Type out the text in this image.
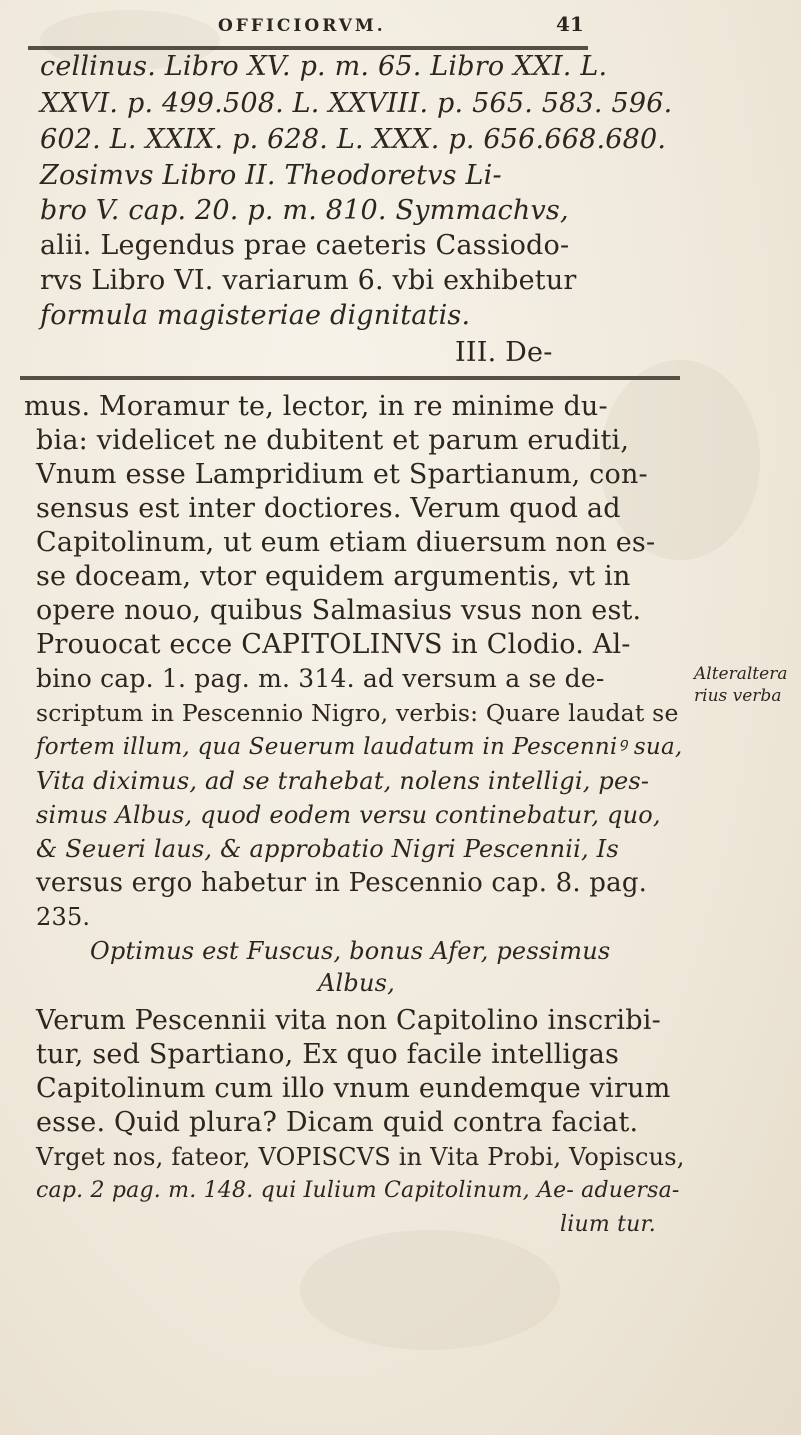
OFFICIORVM.	41
cellinus. Libro XV. p. m. 65. Libro XXI. L.
XXVI. p. 499.508. L. XXVIII. p. 565. 583. 596.
602. L. XXIX. p. 628. L. XXX. p. 656.668.680.
Zosimvs Libro II. Theodoretvs Li-
bro V. cap. 20. p. m. 810. Symmachvs,
alii. Legendus prae caeteris Cassiodo-
rvs Libro VI. variarum 6. vbi exhibetur
formula magisteriae dignitatis.
III. De-
mus. Moramur te, lector, in re minime du-
bia: videlicet ne dubitent et parum eruditi,
Vnum esse Lampridium et Spartianum, con-
sensus est inter doctiores. Verum quod ad
Capitolinum, ut eum etiam diuersum non es-
se doceam, vtor equidem argumentis, vt in
opere nouo, quibus Salmasius vsus non est.
Prouocat ecce CAPITOLINVS in Clodio. Al-
bino cap. 1. pag. m. 314. ad versum a se de-
scriptum in Pescennio Nigro, verbis: Quare laudat se
fortem illum, qua Seuerum laudatum in Pescenniꝰ sua,
Vita diximus, ad se trahebat, nolens intelligi, pes-
simus Albus, quod eodem versu continebatur, quo,
& Seueri laus, & approbatio Nigri Pescennii, Is
versus ergo habetur in Pescennio cap. 8. pag.
235.
Optimus est Fuscus, bonus Afer, pessimus
Albus,
Verum Pescennii vita non Capitolino inscribi-
tur, sed Spartiano, Ex quo facile intelligas
Capitolinum cum illo vnum eundemque virum
esse. Quid plura? Dicam quid contra faciat.
Vrget nos, fateor, VOPISCVS in Vita Probi, Vopiscus,
cap. 2 pag. m. 148. qui Iulium Capitolinum, Ae- aduersa-
lium tur.
Alteraltera
rius verba
